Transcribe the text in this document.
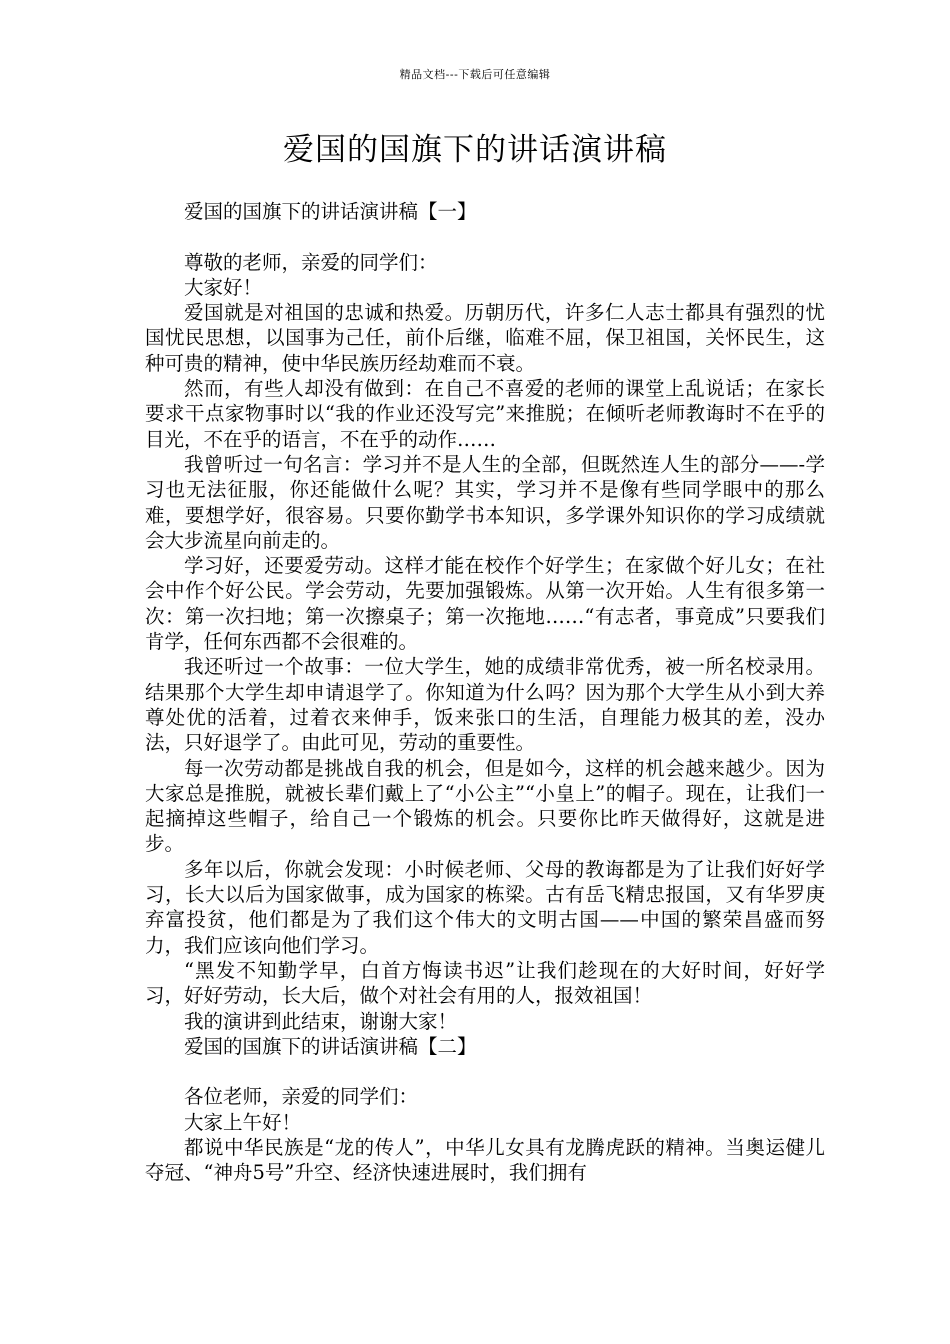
精品文档---下载后可任意编辑
爱国的国旗下的讲话演讲稿

爱国的国旗下的讲话演讲稿【一】

尊敬的老师，亲爱的同学们：

大家好！

爱国就是对祖国的忠诚和热爱。历朝历代，许多仁人志士都具有强烈的忧国忧民思想，以国事为己任，前仆后继，临难不屈，保卫祖国，关怀民生，这种可贵的精神，使中华民族历经劫难而不衰。

然而，有些人却没有做到：在自己不喜爱的老师的课堂上乱说话；在家长要求干点家物事时以“我的作业还没写完”来推脱；在倾听老师教诲时不在乎的目光，不在乎的语言，不在乎的动作……

我曾听过一句名言：学习并不是人生的全部，但既然连人生的部分——-学习也无法征服，你还能做什么呢？其实，学习并不是像有些同学眼中的那么难，要想学好，很容易。只要你勤学书本知识，多学课外知识你的学习成绩就会大步流星向前走的。

学习好，还要爱劳动。这样才能在校作个好学生；在家做个好儿女；在社会中作个好公民。学会劳动，先要加强锻炼。从第一次开始。人生有很多第一次：第一次扫地；第一次擦桌子；第一次拖地……“有志者，事竟成”只要我们肯学，任何东西都不会很难的。

我还听过一个故事：一位大学生，她的成绩非常优秀，被一所名校录用。结果那个大学生却申请退学了。你知道为什么吗？因为那个大学生从小到大养尊处优的活着，过着衣来伸手，饭来张口的生活，自理能力极其的差，没办法，只好退学了。由此可见，劳动的重要性。

每一次劳动都是挑战自我的机会，但是如今，这样的机会越来越少。因为大家总是推脱，就被长辈们戴上了“小公主”“小皇上”的帽子。现在，让我们一起摘掉这些帽子，给自己一个锻炼的机会。只要你比昨天做得好，这就是进步。

多年以后，你就会发现：小时候老师、父母的教诲都是为了让我们好好学习，长大以后为国家做事，成为国家的栋梁。古有岳飞精忠报国，又有华罗庚弃富投贫，他们都是为了我们这个伟大的文明古国——中国的繁荣昌盛而努力，我们应该向他们学习。

“黑发不知勤学早，白首方悔读书迟”让我们趁现在的大好时间，好好学习，好好劳动，长大后，做个对社会有用的人，报效祖国！

我的演讲到此结束，谢谢大家！

爱国的国旗下的讲话演讲稿【二】

各位老师，亲爱的同学们：

大家上午好！

都说中华民族是“龙的传人”，中华儿女具有龙腾虎跃的精神。当奥运健儿夺冠、“神舟5号”升空、经济快速进展时，我们拥有
